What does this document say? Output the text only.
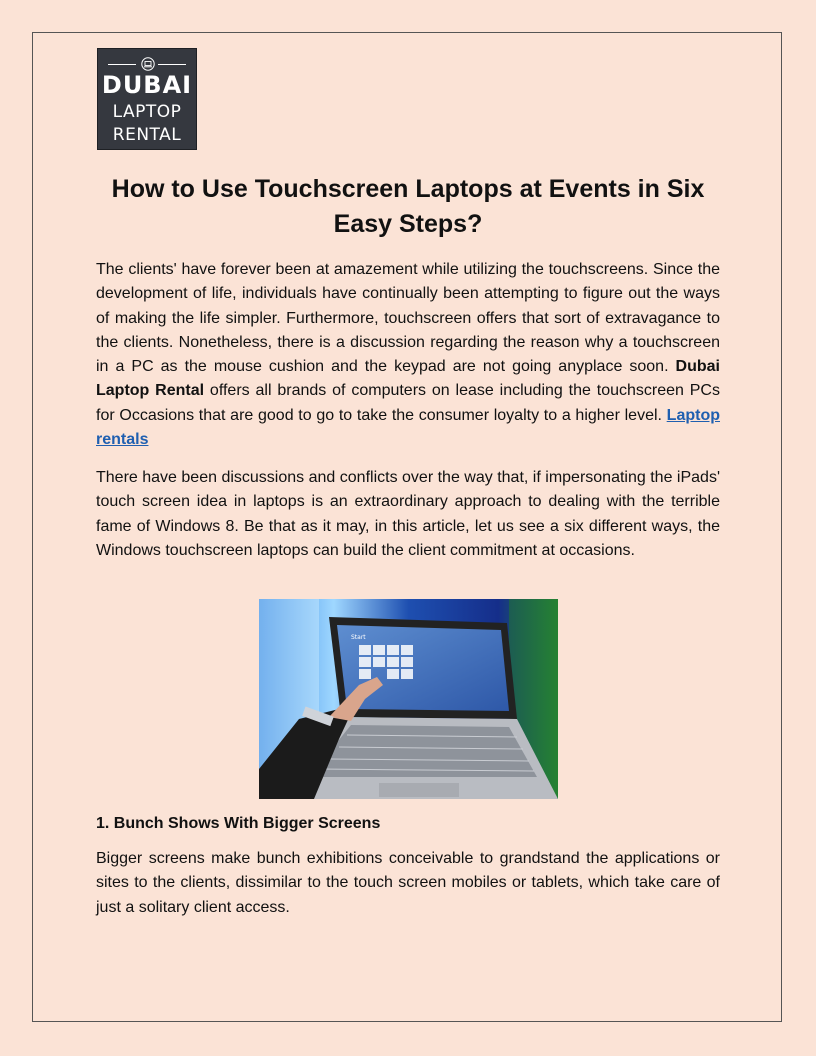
DUBAI
LAPTOP
RENTAL
How to Use Touchscreen Laptops at Events in Six Easy Steps?

The clients' have forever been at amazement while utilizing the touchscreens. Since the development of life, individuals have continually been attempting to figure out the ways of making the life simpler. Furthermore, touchscreen offers that sort of extravagance to the clients. Nonetheless, there is a discussion regarding the reason why a touchscreen in a PC as the mouse cushion and the keypad are not going anyplace soon. Dubai Laptop Rental offers all brands of computers on lease including the touchscreen PCs for Occasions that are good to go to take the consumer loyalty to a higher level. Laptop rentals

There have been discussions and conflicts over the way that, if impersonating the iPads' touch screen idea in laptops is an extraordinary approach to dealing with the terrible fame of Windows 8. Be that as it may, in this article, let us see a six different ways, the Windows touchscreen laptops can build the client commitment at occasions.

Start
1. Bunch Shows With Bigger Screens

Bigger screens make bunch exhibitions conceivable to grandstand the applications or sites to the clients, dissimilar to the touch screen mobiles or tablets, which take care of just a solitary client access.
